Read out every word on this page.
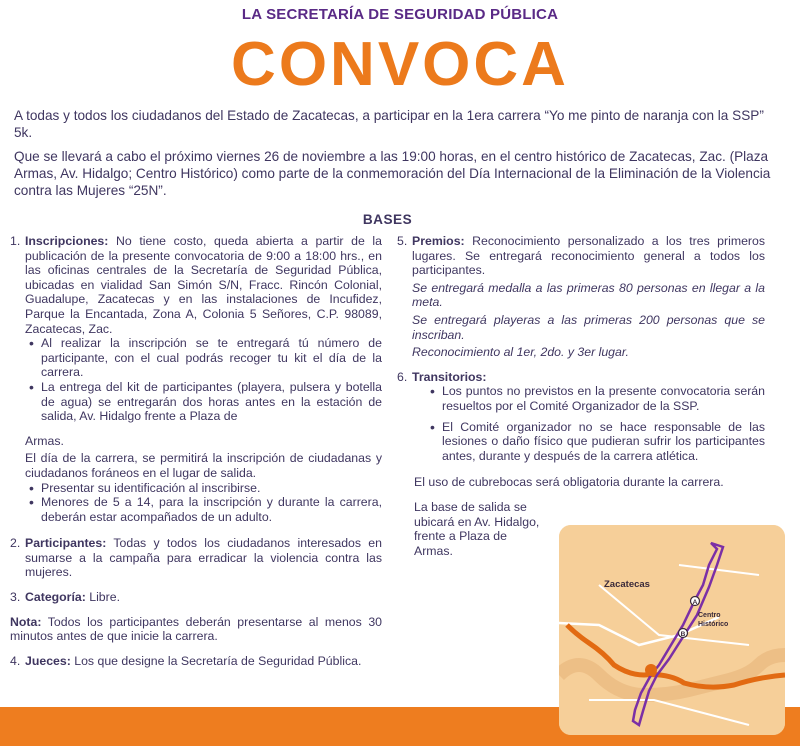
LA SECRETARÍA DE SEGURIDAD PÚBLICA
CONVOCA
A todas y todos los ciudadanos del Estado de Zacatecas, a participar en la 1era carrera “Yo me pinto de naranja con la SSP” 5k.
Que se llevará a cabo el próximo viernes 26 de noviembre a las 19:00 horas, en el centro histórico de Zacatecas, Zac. (Plaza Armas, Av. Hidalgo; Centro Histórico) como parte de la conmemoración del Día Internacional de la Eliminación de la Violencia contra las Mujeres “25N”.
BASES
1. Inscripciones: No tiene costo, queda abierta a partir de la publicación de la presente convocatoria de 9:00 a 18:00 hrs., en las oficinas centrales de la Secretaría de Seguridad Pública, ubicadas en vialidad San Simón S/N, Fracc. Rincón Colonial, Guadalupe, Zacatecas y en las instalaciones de Incufidez, Parque la Encantada, Zona A, Colonia 5 Señores, C.P. 98089, Zacatecas, Zac.
• Al realizar la inscripción se te entregará tú número de participante, con el cual podrás recoger tu kit el día de la carrera.
• La entrega del kit de participantes (playera, pulsera y botella de agua) se entregarán dos horas antes en la estación de salida, Av. Hidalgo frente a Plaza de
Armas.
El día de la carrera, se permitirá la inscripción de ciudadanas y ciudadanos foráneos en el lugar de salida.
• Presentar su identificación al inscribirse.
• Menores de 5 a 14, para la inscripción y durante la carrera, deberán estar acompañados de un adulto.
2. Participantes: Todas y todos los ciudadanos interesados en sumarse a la campaña para erradicar la violencia contra las mujeres.
3. Categoría: Libre.
Nota: Todos los participantes deberán presentarse al menos 30 minutos antes de que inicie la carrera.
4. Jueces: Los que designe la Secretaría de Seguridad Pública.
5. Premios: Reconocimiento personalizado a los tres primeros lugares. Se entregará reconocimiento general a todos los participantes.
Se entregará medalla a las primeras 80 personas en llegar a la meta.
Se entregará playeras a las primeras 200 personas que se inscriban.
Reconocimiento al 1er, 2do. y 3er lugar.
6. Transitorios:
• Los puntos no previstos en la presente convocatoria serán resueltos por el Comité Organizador de la SSP.
• El Comité organizador no se hace responsable de las lesiones o daño físico que pudieran sufrir los participantes antes, durante y después de la carrera atlética.
El uso de cubrebocas será obligatoria durante la carrera.
La base de salida se ubicará en Av. Hidalgo, frente a Plaza de Armas.
A
B
Zacatecas
Centro
Histórico
